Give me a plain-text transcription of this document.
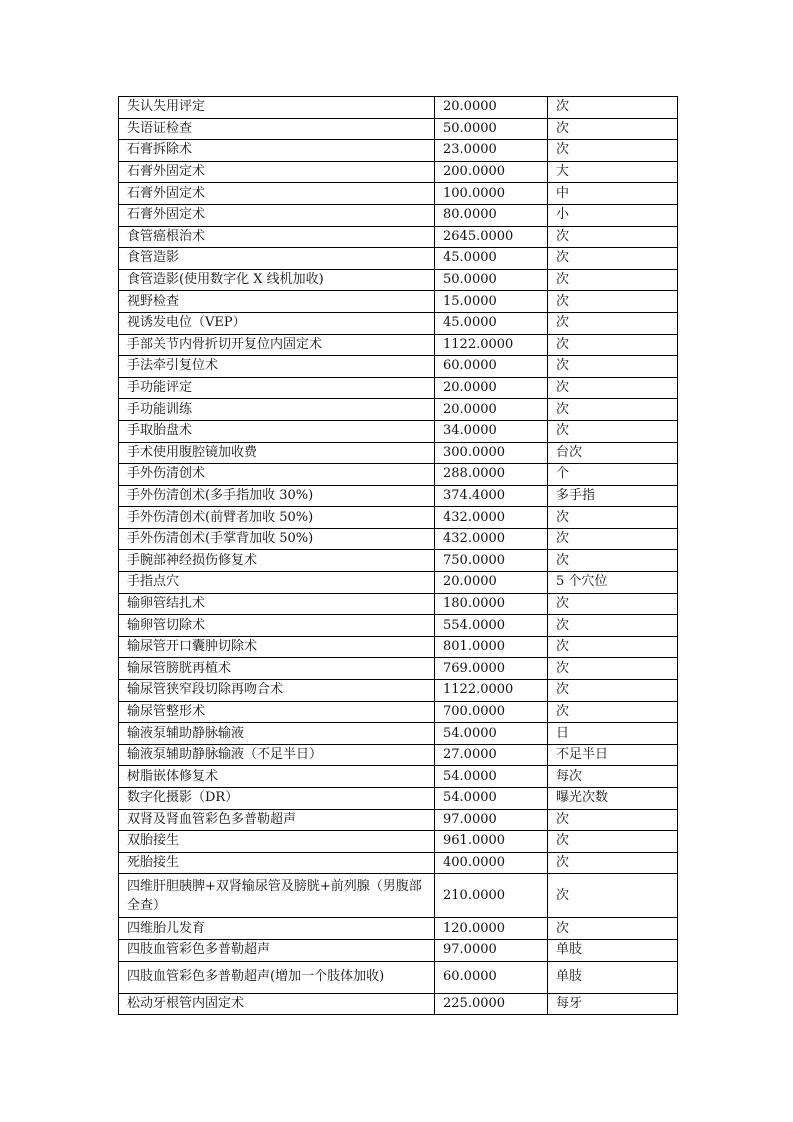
失认失用评定	20.0000	次
失语证检查	50.0000	次
石膏拆除术	23.0000	次
石膏外固定术	200.0000	大
石膏外固定术	100.0000	中
石膏外固定术	80.0000	小
食管癌根治术	2645.0000	次
食管造影	45.0000	次
食管造影(使用数字化 X 线机加收)	50.0000	次
视野检查	15.0000	次
视诱发电位（VEP）	45.0000	次
手部关节内骨折切开复位内固定术	1122.0000	次
手法牵引复位术	60.0000	次
手功能评定	20.0000	次
手功能训练	20.0000	次
手取胎盘术	34.0000	次
手术使用腹腔镜加收费	300.0000	台次
手外伤清创术	288.0000	个
手外伤清创术(多手指加收 30%)	374.4000	多手指
手外伤清创术(前臂者加收 50%)	432.0000	次
手外伤清创术(手掌背加收 50%)	432.0000	次
手腕部神经损伤修复术	750.0000	次
手指点穴	20.0000	5 个穴位
输卵管结扎术	180.0000	次
输卵管切除术	554.0000	次
输尿管开口囊肿切除术	801.0000	次
输尿管膀胱再植术	769.0000	次
输尿管狭窄段切除再吻合术	1122.0000	次
输尿管整形术	700.0000	次
输液泵辅助静脉输液	54.0000	日
输液泵辅助静脉输液（不足半日）	27.0000	不足半日
树脂嵌体修复术	54.0000	每次
数字化摄影（DR）	54.0000	曝光次数
双肾及肾血管彩色多普勒超声	97.0000	次
双胎接生	961.0000	次
死胎接生	400.0000	次
四维肝胆胰脾+双肾输尿管及膀胱+前列腺（男腹部全查）	210.0000	次
四维胎儿发育	120.0000	次
四肢血管彩色多普勒超声	97.0000	单肢
四肢血管彩色多普勒超声(增加一个肢体加收)	60.0000	单肢
松动牙根管内固定术	225.0000	每牙
